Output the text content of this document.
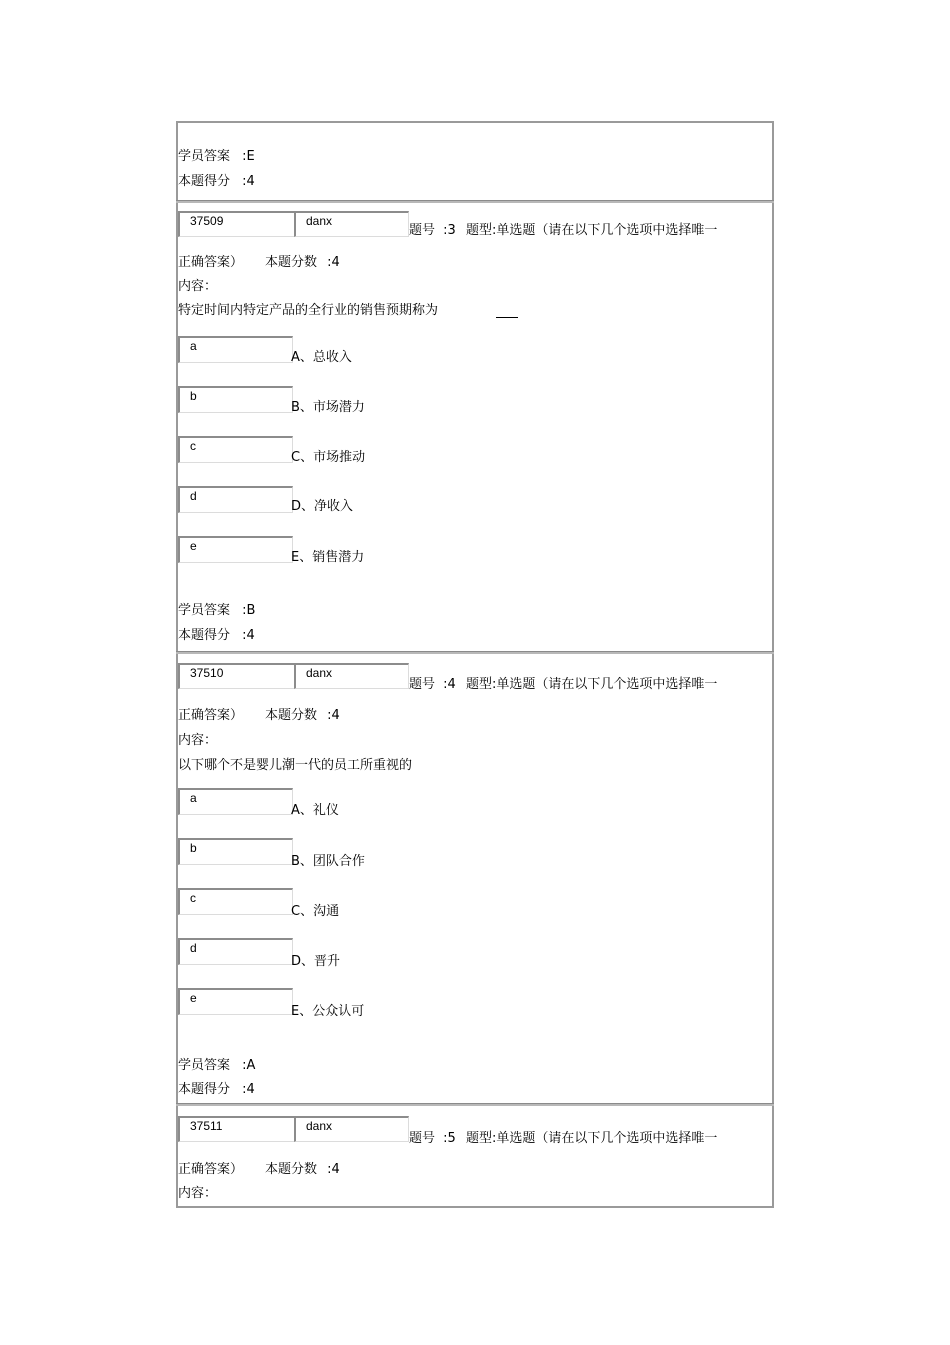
学员答案 :E
本题得分 :4
37509	danx
题号 :3 题型:单选题（请在以下几个选项中选择唯一
正确答案） 本题分数 :4
内容：
特定时间内特定产品的全行业的销售预期称为
a
A、总收入
b
B、市场潜力
c
C、市场推动
d
D、净收入
e
E、销售潜力
学员答案 :B
本题得分 :4
37510	danx
题号 :4 题型:单选题（请在以下几个选项中选择唯一
正确答案） 本题分数 :4
内容：
以下哪个不是婴儿潮一代的员工所重视的
a
A、礼仪
b
B、团队合作
c
C、沟通
d
D、晋升
e
E、公众认可
学员答案 :A
本题得分 :4
37511	danx
题号 :5 题型:单选题（请在以下几个选项中选择唯一
正确答案） 本题分数 :4
内容：
